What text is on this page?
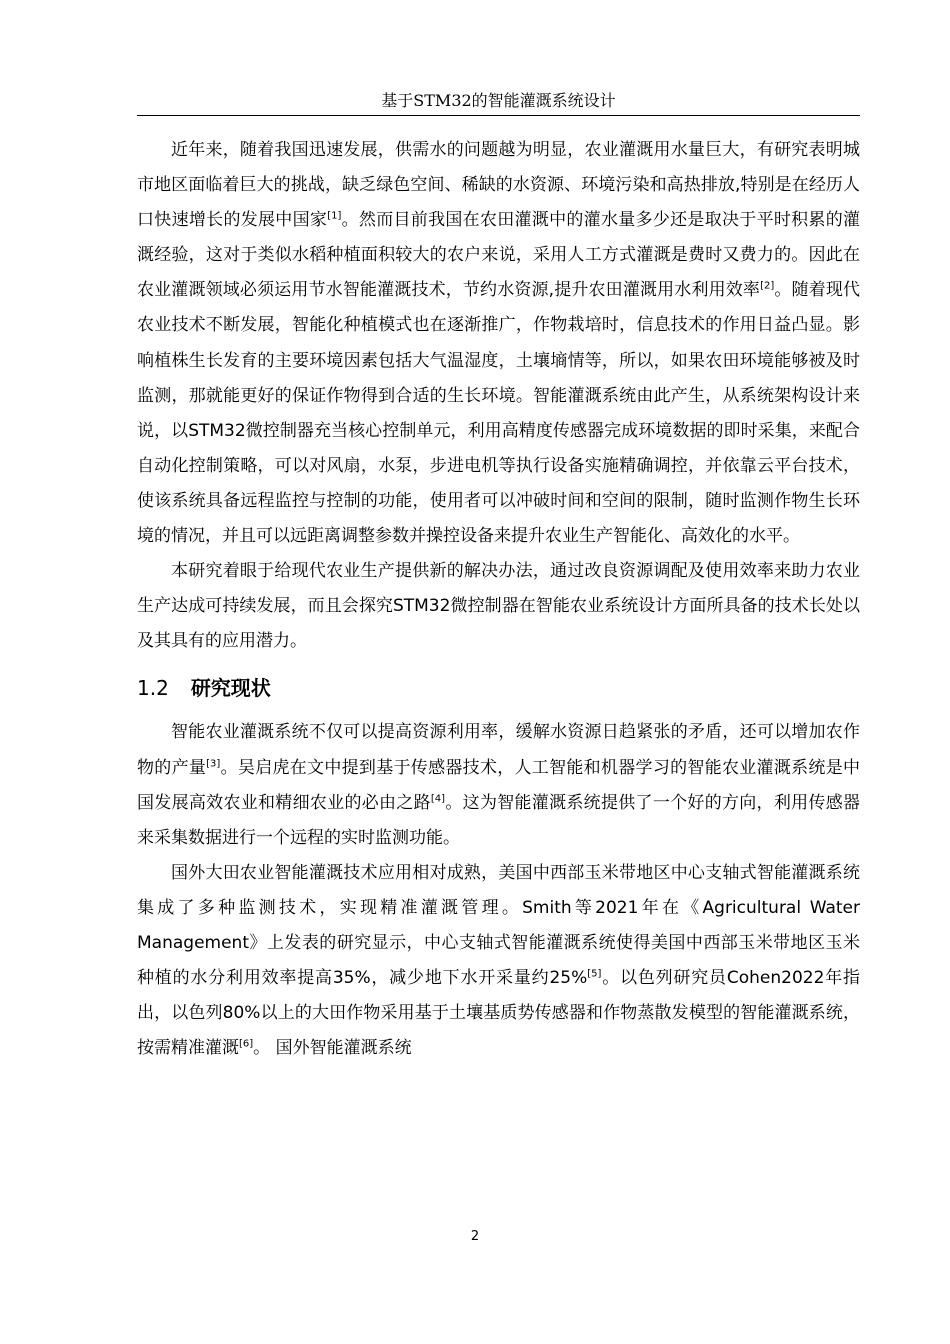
基于STM32的智能灌溉系统设计

近年来，随着我国迅速发展，供需水的问题越为明显，农业灌溉用水量巨大，有研究表明城市地区面临着巨大的挑战，缺乏绿色空间、稀缺的水资源、环境污染和高热排放,特别是在经历人口快速增长的发展中国家[1]。然而目前我国在农田灌溉中的灌水量多少还是取决于平时积累的灌溉经验，这对于类似水稻种植面积较大的农户来说，采用人工方式灌溉是费时又费力的。因此在农业灌溉领域必须运用节水智能灌溉技术，节约水资源,提升农田灌溉用水利用效率[2]。随着现代农业技术不断发展，智能化种植模式也在逐渐推广，作物栽培时，信息技术的作用日益凸显。影响植株生长发育的主要环境因素包括大气温湿度，土壤墒情等，所以，如果农田环境能够被及时监测，那就能更好的保证作物得到合适的生长环境。智能灌溉系统由此产生，从系统架构设计来说，以STM32微控制器充当核心控制单元，利用高精度传感器完成环境数据的即时采集，来配合自动化控制策略，可以对风扇，水泵，步进电机等执行设备实施精确调控，并依靠云平台技术，使该系统具备远程监控与控制的功能，使用者可以冲破时间和空间的限制，随时监测作物生长环境的情况，并且可以远距离调整参数并操控设备来提升农业生产智能化、高效化的水平。

本研究着眼于给现代农业生产提供新的解决办法，通过改良资源调配及使用效率来助力农业生产达成可持续发展，而且会探究STM32微控制器在智能农业系统设计方面所具备的技术长处以及其具有的应用潜力。

1.2 研究现状

智能农业灌溉系统不仅可以提高资源利用率，缓解水资源日趋紧张的矛盾，还可以增加农作物的产量[3]。吴启虎在文中提到基于传感器技术，人工智能和机器学习的智能农业灌溉系统是中国发展高效农业和精细农业的必由之路[4]。这为智能灌溉系统提供了一个好的方向，利用传感器来采集数据进行一个远程的实时监测功能。

国外大田农业智能灌溉技术应用相对成熟，美国中西部玉米带地区中心支轴式智能灌溉系统集成了多种监测技术，实现精准灌溉管理。Smith等2021年在《Agricultural Water Management》上发表的研究显示，中心支轴式智能灌溉系统使得美国中西部玉米带地区玉米种植的水分利用效率提高35%，减少地下水开采量约25%[5]。以色列研究员Cohen2022年指出，以色列80%以上的大田作物采用基于土壤基质势传感器和作物蒸散发模型的智能灌溉系统，按需精准灌溉[6]。 国外智能灌溉系统

2
